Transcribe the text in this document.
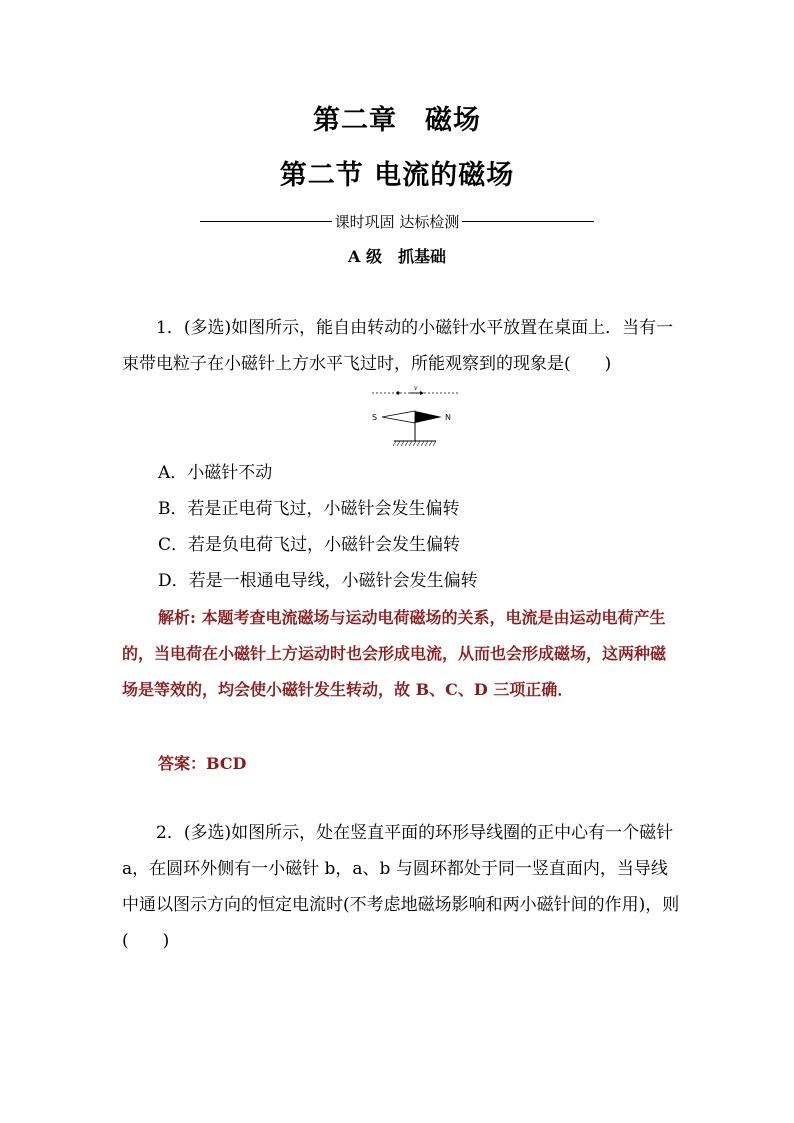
第二章 磁场
第二节 电流的磁场
课时巩固 达标检测
A 级　抓基础
1．(多选)如图所示，能自由转动的小磁针水平放置在桌面上．当有一束带电粒子在小磁针上方水平飞过时，所能观察到的现象是(　　)
v
S	N
A．小磁针不动
B．若是正电荷飞过，小磁针会发生偏转
C．若是负电荷飞过，小磁针会发生偏转
D．若是一根通电导线，小磁针会发生偏转
解析: 本题考查电流磁场与运动电荷磁场的关系，电流是由运动电荷产生的，当电荷在小磁针上方运动时也会形成电流，从而也会形成磁场，这两种磁场是等效的，均会使小磁针发生转动，故 B、C、D 三项正确．
答案：BCD
2．(多选)如图所示，处在竖直平面的环形导线圈的正中心有一个磁针 a，在圆环外侧有一小磁针 b，a、b 与圆环都处于同一竖直面内，当导线中通以图示方向的恒定电流时(不考虑地磁场影响和两小磁针间的作用)，则(　　)
